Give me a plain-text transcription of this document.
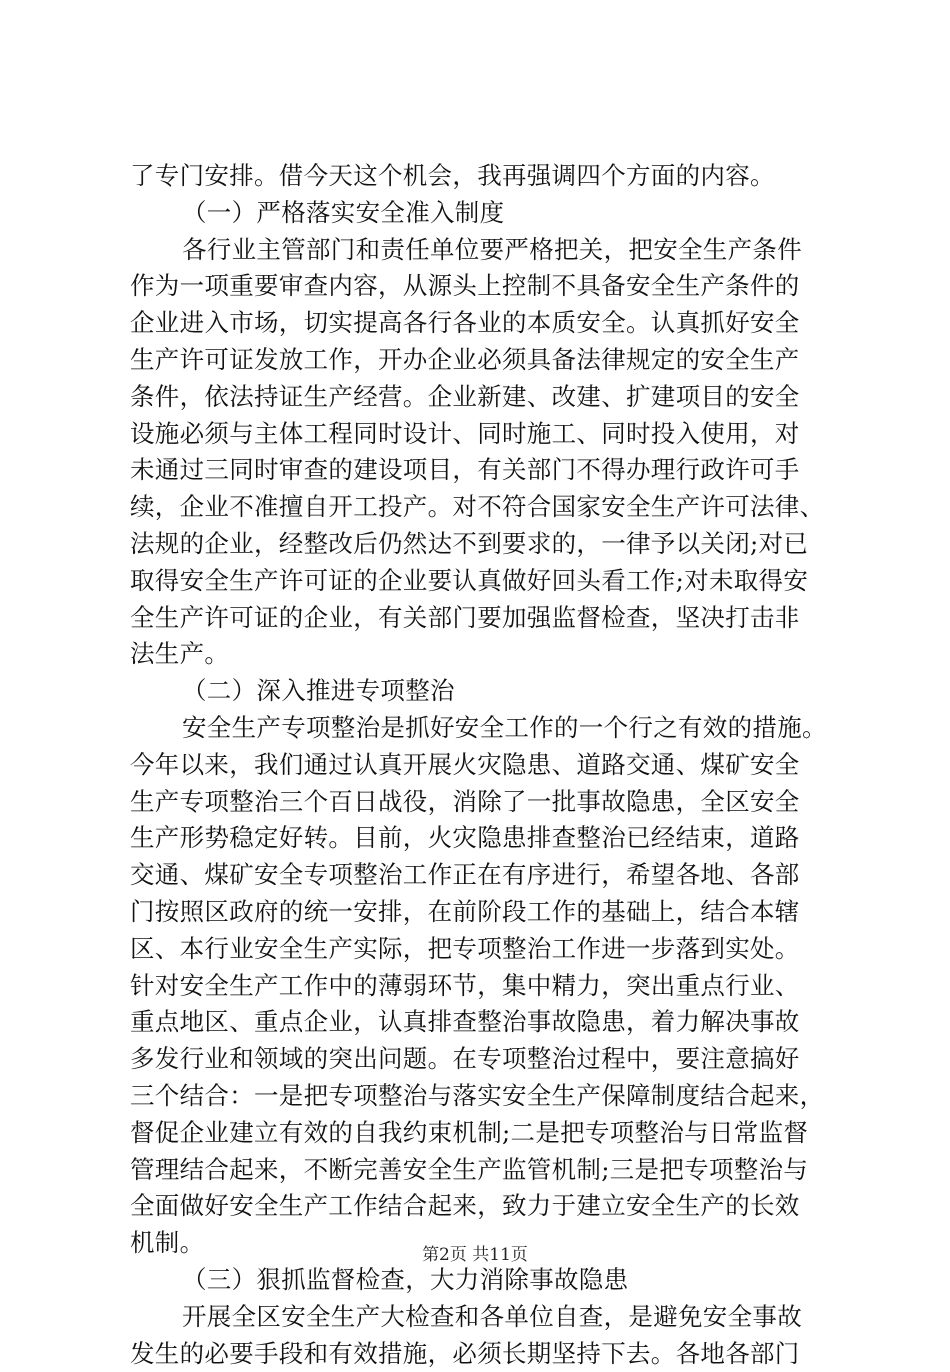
了专门安排。借今天这个机会，我再强调四个方面的内容。
（一）严格落实安全准入制度
各行业主管部门和责任单位要严格把关，把安全生产条件
作为一项重要审查内容，从源头上控制不具备安全生产条件的
企业进入市场，切实提高各行各业的本质安全。认真抓好安全
生产许可证发放工作，开办企业必须具备法律规定的安全生产
条件，依法持证生产经营。企业新建、改建、扩建项目的安全
设施必须与主体工程同时设计、同时施工、同时投入使用，对
未通过三同时审查的建设项目，有关部门不得办理行政许可手
续，企业不准擅自开工投产。对不符合国家安全生产许可法律、
法规的企业，经整改后仍然达不到要求的，一律予以关闭;对已
取得安全生产许可证的企业要认真做好回头看工作;对未取得安
全生产许可证的企业，有关部门要加强监督检查，坚决打击非
法生产。
（二）深入推进专项整治
安全生产专项整治是抓好安全工作的一个行之有效的措施。
今年以来，我们通过认真开展火灾隐患、道路交通、煤矿安全
生产专项整治三个百日战役，消除了一批事故隐患，全区安全
生产形势稳定好转。目前，火灾隐患排查整治已经结束，道路
交通、煤矿安全专项整治工作正在有序进行，希望各地、各部
门按照区政府的统一安排，在前阶段工作的基础上，结合本辖
区、本行业安全生产实际，把专项整治工作进一步落到实处。
针对安全生产工作中的薄弱环节，集中精力，突出重点行业、
重点地区、重点企业，认真排查整治事故隐患，着力解决事故
多发行业和领域的突出问题。在专项整治过程中，要注意搞好
三个结合：一是把专项整治与落实安全生产保障制度结合起来，
督促企业建立有效的自我约束机制;二是把专项整治与日常监督
管理结合起来，不断完善安全生产监管机制;三是把专项整治与
全面做好安全生产工作结合起来，致力于建立安全生产的长效
机制。
（三）狠抓监督检查，大力消除事故隐患
开展全区安全生产大检查和各单位自查，是避免安全事故
发生的必要手段和有效措施，必须长期坚持下去。各地各部门
第2页 共11页
